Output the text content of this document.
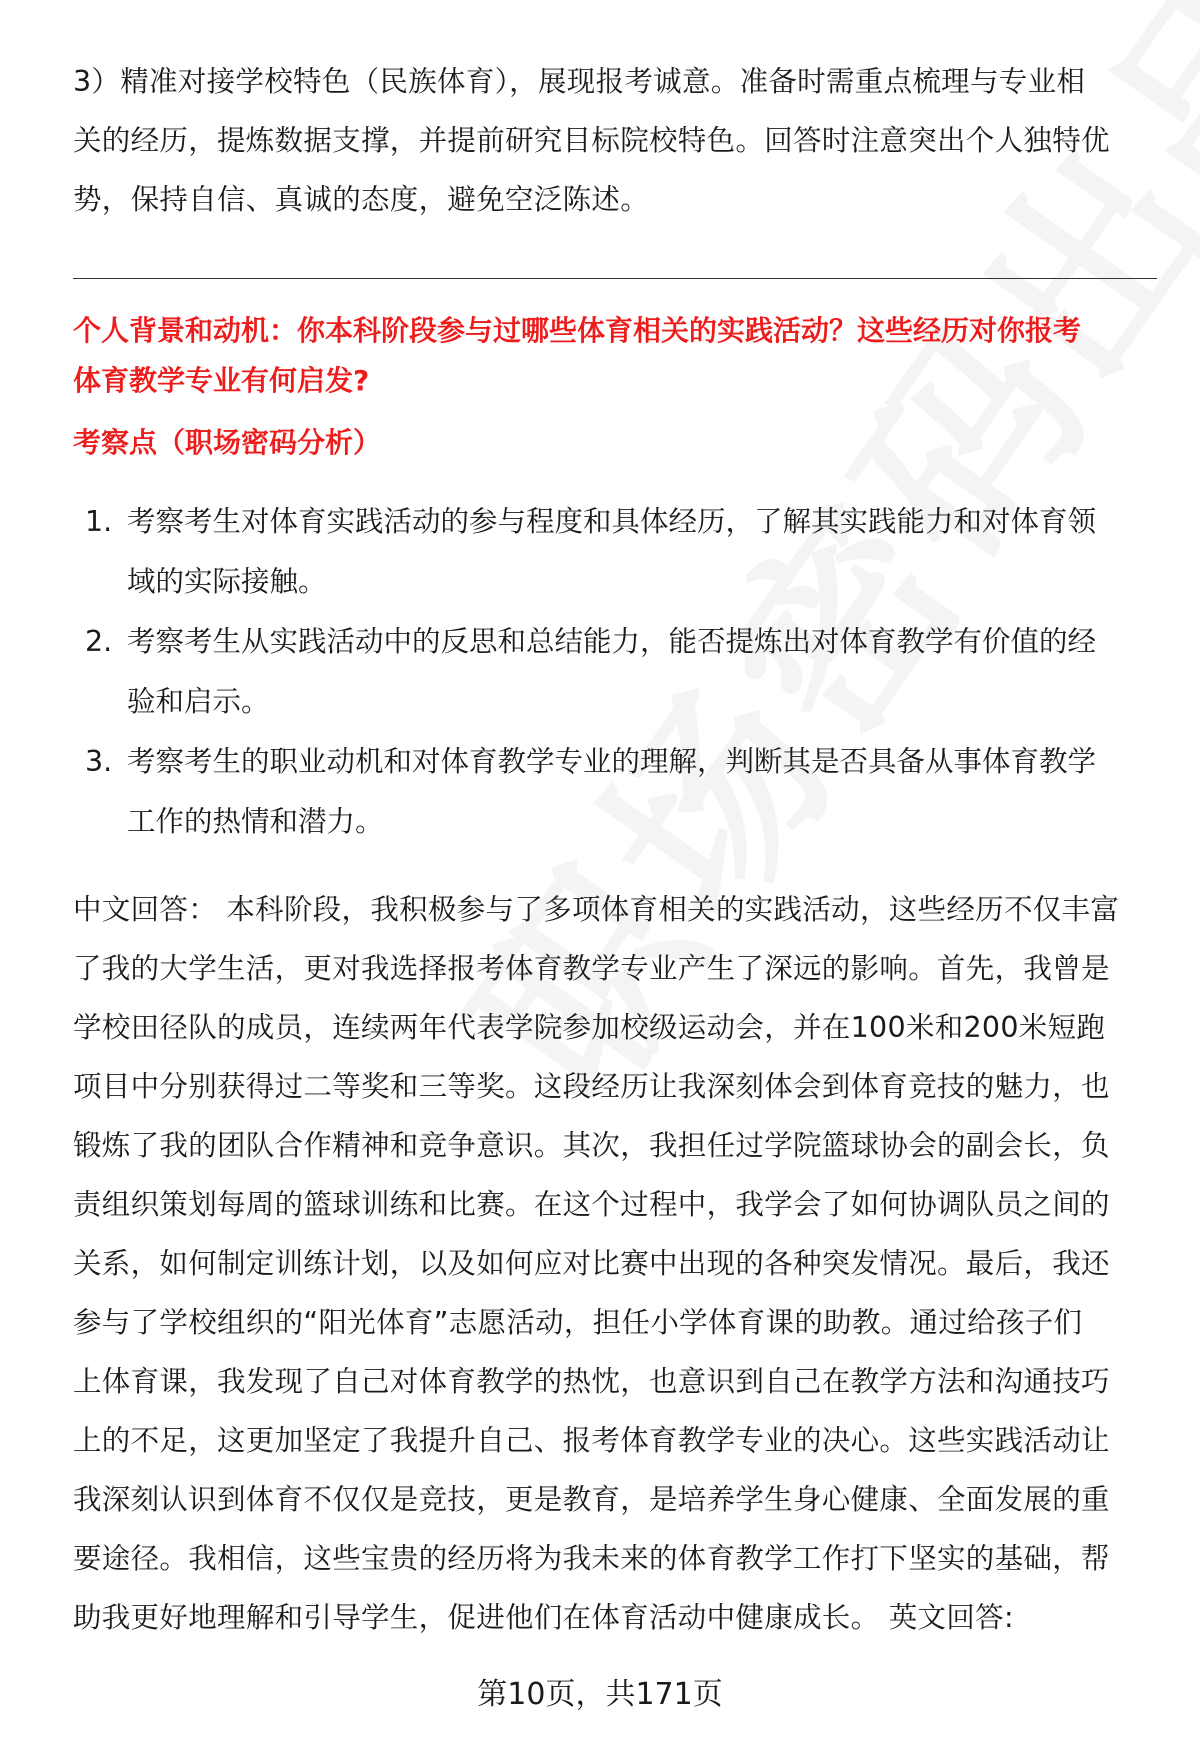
3）精准对接学校特色（民族体育），展现报考诚意。准备时需重点梳理与专业相
关的经历，提炼数据支撑，并提前研究目标院校特色。回答时注意突出个人独特优
势，保持自信、真诚的态度，避免空泛陈述。
个人背景和动机：你本科阶段参与过哪些体育相关的实践活动？这些经历对你报考
体育教学专业有何启发?
考察点（职场密码分析）
1. 考察考生对体育实践活动的参与程度和具体经历，了解其实践能力和对体育领
域的实际接触。
2. 考察考生从实践活动中的反思和总结能力，能否提炼出对体育教学有价值的经
验和启示。
3. 考察考生的职业动机和对体育教学专业的理解，判断其是否具备从事体育教学
工作的热情和潜力。
中文回答： 本科阶段，我积极参与了多项体育相关的实践活动，这些经历不仅丰富
了我的大学生活，更对我选择报考体育教学专业产生了深远的影响。首先，我曾是
学校田径队的成员，连续两年代表学院参加校级运动会，并在100米和200米短跑
项目中分别获得过二等奖和三等奖。这段经历让我深刻体会到体育竞技的魅力，也
锻炼了我的团队合作精神和竞争意识。其次，我担任过学院篮球协会的副会长，负
责组织策划每周的篮球训练和比赛。在这个过程中，我学会了如何协调队员之间的
关系，如何制定训练计划，以及如何应对比赛中出现的各种突发情况。最后，我还
参与了学校组织的“阳光体育”志愿活动，担任小学体育课的助教。通过给孩子们
上体育课，我发现了自己对体育教学的热忱，也意识到自己在教学方法和沟通技巧
上的不足，这更加坚定了我提升自己、报考体育教学专业的决心。这些实践活动让
我深刻认识到体育不仅仅是竞技，更是教育，是培养学生身心健康、全面发展的重
要途径。我相信，这些宝贵的经历将为我未来的体育教学工作打下坚实的基础，帮
助我更好地理解和引导学生，促进他们在体育活动中健康成长。 英文回答:
第10页，共171页
